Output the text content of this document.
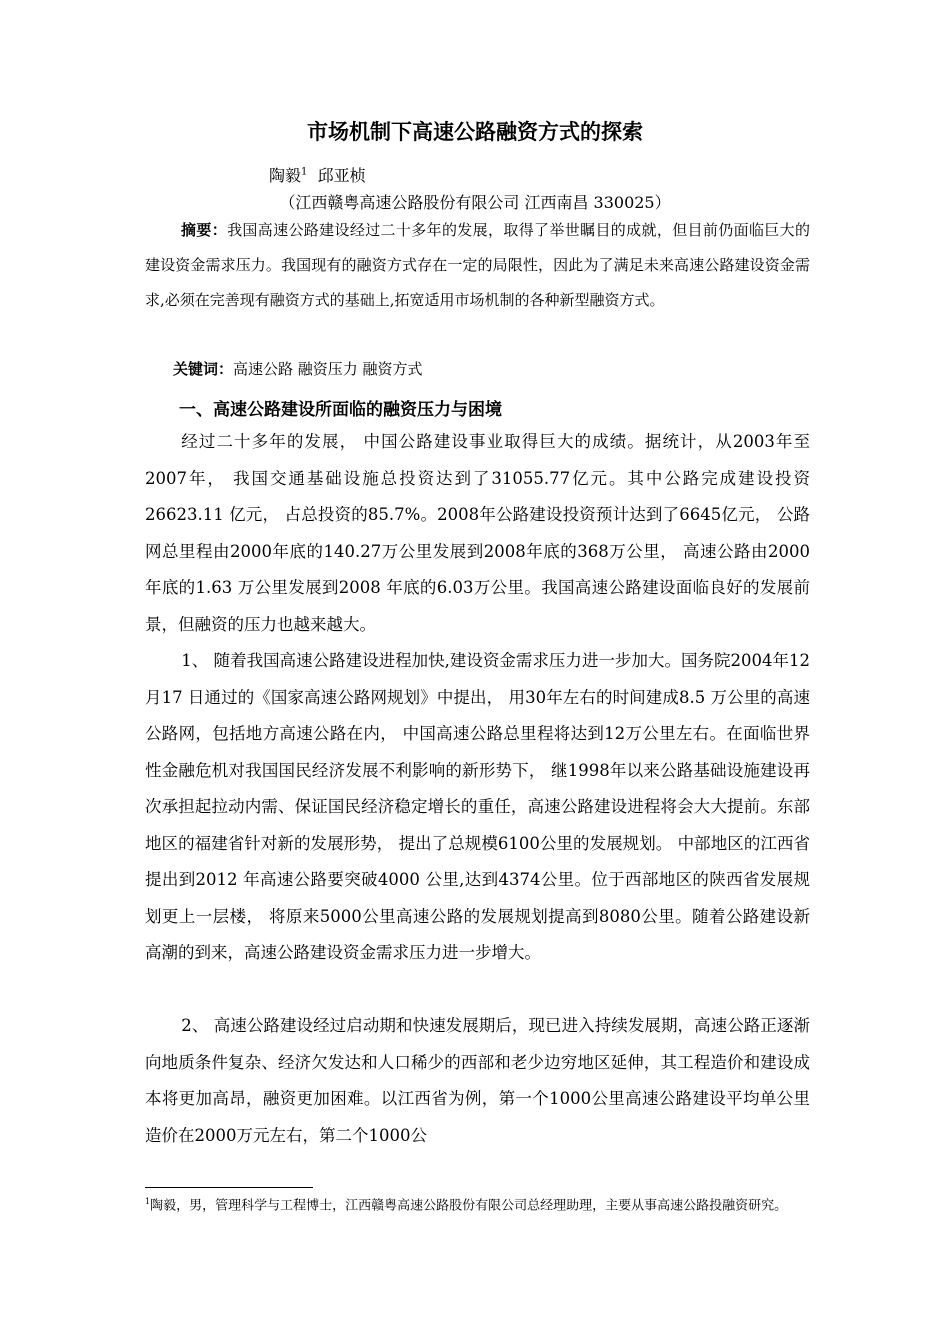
市场机制下高速公路融资方式的探索
陶毅$^1$ 邱亚桢
（江西赣粤高速公路股份有限公司 江西南昌 330025）
摘要：我国高速公路建设经过二十多年的发展，取得了举世瞩目的成就，但目前仍面临巨大的建设资金需求压力。我国现有的融资方式存在一定的局限性，因此为了满足未来高速公路建设资金需求,必须在完善现有融资方式的基础上,拓宽适用市场机制的各种新型融资方式。
关键词：高速公路 融资压力 融资方式
一、高速公路建设所面临的融资压力与困境

经过二十多年的发展， 中国公路建设事业取得巨大的成绩。据统计，从2003年至2007年， 我国交通基础设施总投资达到了31055.77亿元。其中公路完成建设投资26623.11 亿元， 占总投资的85.7%。2008年公路建设投资预计达到了6645亿元， 公路网总里程由2000年底的140.27万公里发展到2008年底的368万公里， 高速公路由2000 年底的1.63 万公里发展到2008 年底的6.03万公里。我国高速公路建设面临良好的发展前景，但融资的压力也越来越大。

1、 随着我国高速公路建设进程加快,建设资金需求压力进一步加大。国务院2004年12月17 日通过的《国家高速公路网规划》中提出， 用30年左右的时间建成8.5 万公里的高速公路网，包括地方高速公路在内， 中国高速公路总里程将达到12万公里左右。在面临世界性金融危机对我国国民经济发展不利影响的新形势下， 继1998年以来公路基础设施建设再次承担起拉动内需、保证国民经济稳定增长的重任，高速公路建设进程将会大大提前。东部地区的福建省针对新的发展形势， 提出了总规模6100公里的发展规划。 中部地区的江西省提出到2012 年高速公路要突破4000 公里,达到4374公里。位于西部地区的陕西省发展规划更上一层楼， 将原来5000公里高速公路的发展规划提高到8080公里。随着公路建设新高潮的到来，高速公路建设资金需求压力进一步增大。

2、 高速公路建设经过启动期和快速发展期后，现已进入持续发展期，高速公路正逐渐向地质条件复杂、经济欠发达和人口稀少的西部和老少边穷地区延伸，其工程造价和建设成本将更加高昂，融资更加困难。以江西省为例，第一个1000公里高速公路建设平均单公里造价在2000万元左右，第二个1000公

$^1$陶毅，男，管理科学与工程博士，江西赣粤高速公路股份有限公司总经理助理，主要从事高速公路投融资研究。
